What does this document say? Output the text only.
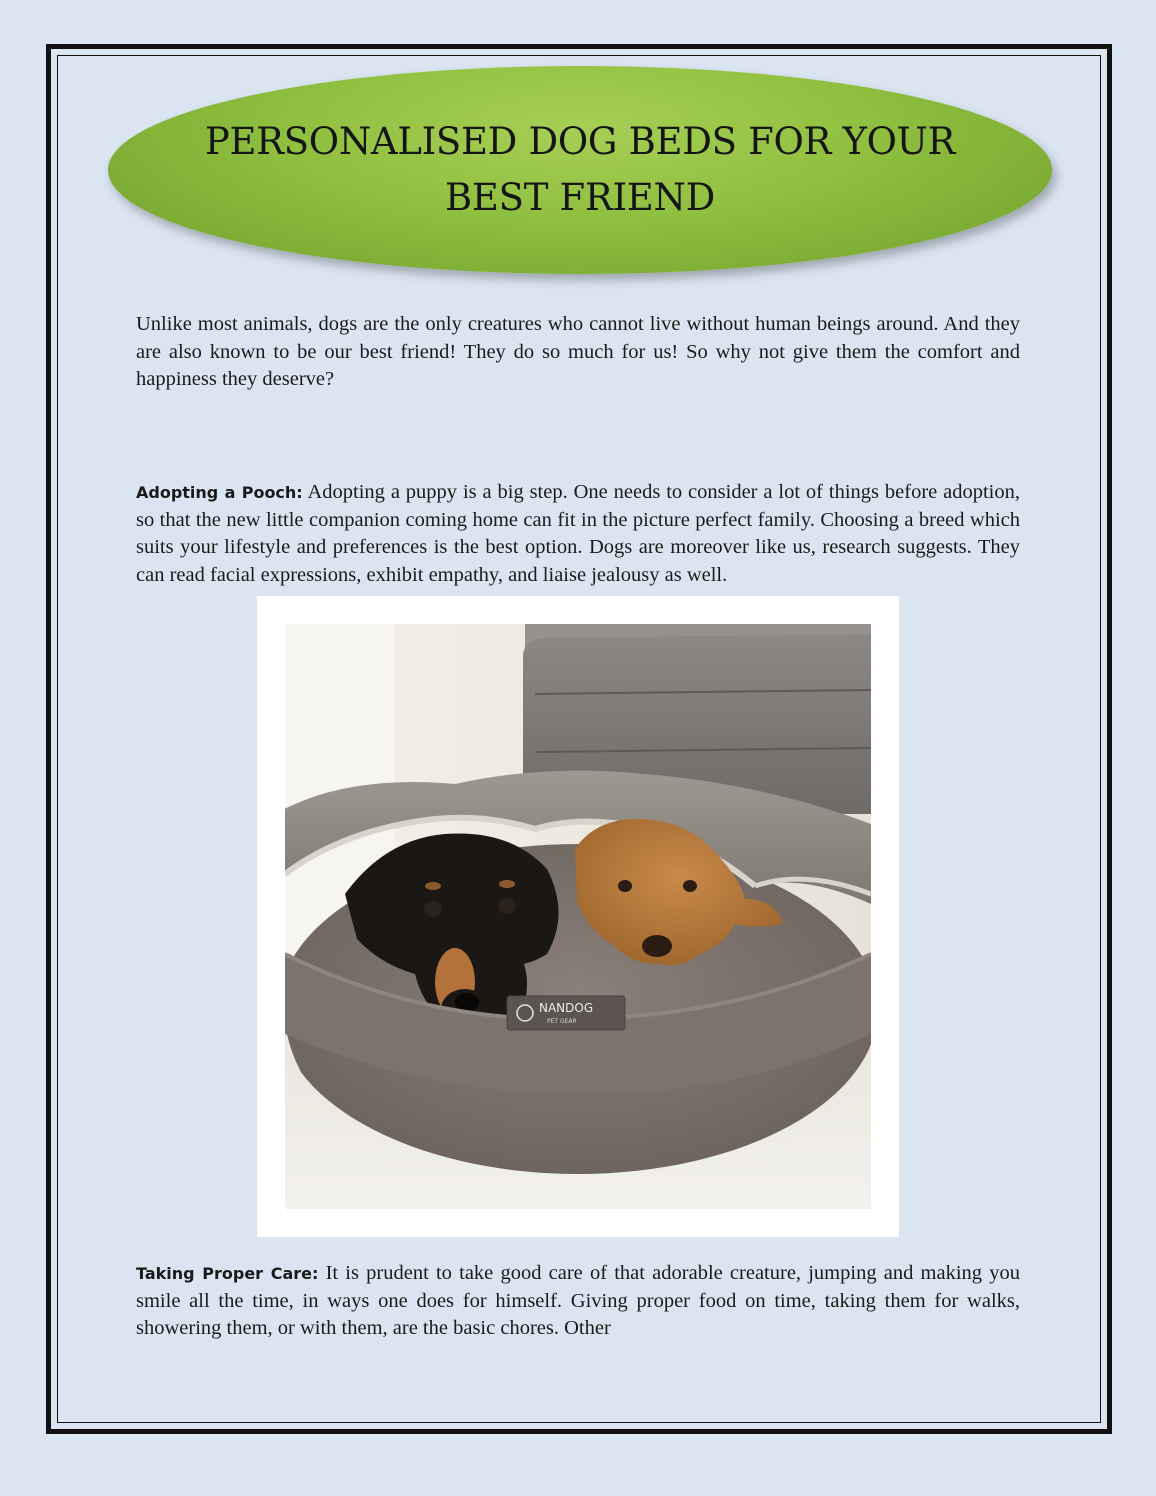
PERSONALISED DOG BEDS FOR YOUR BEST FRIEND

Unlike most animals, dogs are the only creatures who cannot live without human beings around. And they are also known to be our best friend! They do so much for us! So why not give them the comfort and happiness they deserve?

Adopting a Pooch: Adopting a puppy is a big step. One needs to consider a lot of things before adoption, so that the new little companion coming home can fit in the picture perfect family. Choosing a breed which suits your lifestyle and preferences is the best option. Dogs are moreover like us, research suggests. They can read facial expressions, exhibit empathy, and liaise jealousy as well.

NANDOG
PET GEAR

Taking Proper Care: It is prudent to take good care of that adorable creature, jumping and making you smile all the time, in ways one does for himself. Giving proper food on time, taking them for walks, showering them, or with them, are the basic chores. Other
